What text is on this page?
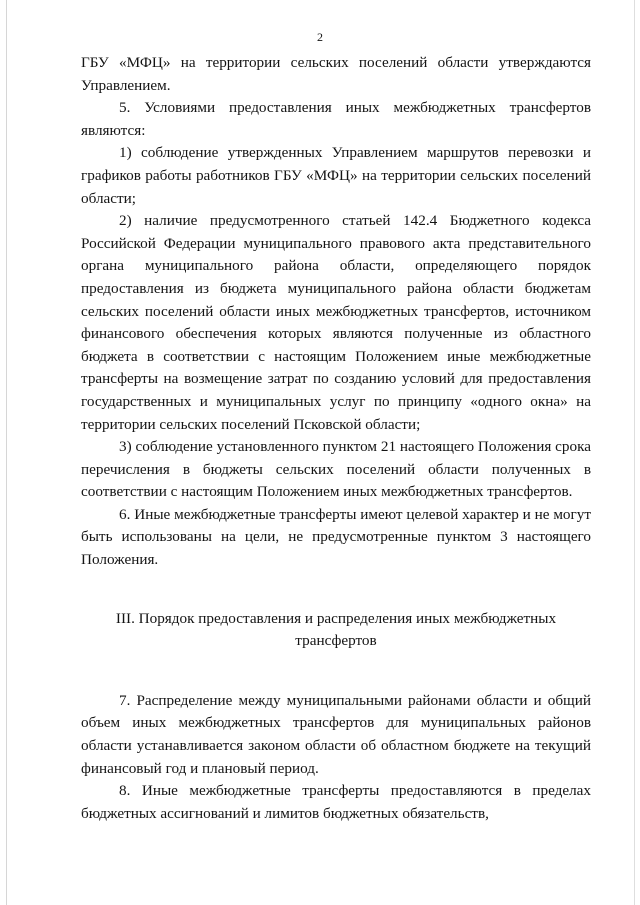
2

ГБУ «МФЦ» на территории сельских поселений области утверждаются Управлением.

5. Условиями предоставления иных межбюджетных трансфертов являются:

1) соблюдение утвержденных Управлением маршрутов перевозки и графиков работы работников ГБУ «МФЦ» на территории сельских поселений области;

2) наличие предусмотренного статьей 142.4 Бюджетного кодекса Российской Федерации муниципального правового акта представительного органа муниципального района области, определяющего порядок предоставления из бюджета муниципального района области бюджетам сельских поселений области иных межбюджетных трансфертов, источником финансового обеспечения которых являются полученные из областного бюджета в соответствии с настоящим Положением иные межбюджетные трансферты на возмещение затрат по созданию условий для предоставления государственных и муниципальных услуг по принципу «одного окна» на территории сельских поселений Псковской области;

3) соблюдение установленного пунктом 21 настоящего Положения срока перечисления в бюджеты сельских поселений области полученных в соответствии с настоящим Положением иных межбюджетных трансфертов.

6. Иные межбюджетные трансферты имеют целевой характер и не могут быть использованы на цели, не предусмотренные пунктом 3 настоящего Положения.

III. Порядок предоставления и распределения иных межбюджетных трансфертов

7. Распределение между муниципальными районами области и общий объем иных межбюджетных трансфертов для муниципальных районов области устанавливается законом области об областном бюджете на текущий финансовый год и плановый период.

8. Иные межбюджетные трансферты предоставляются в пределах бюджетных ассигнований и лимитов бюджетных обязательств,
